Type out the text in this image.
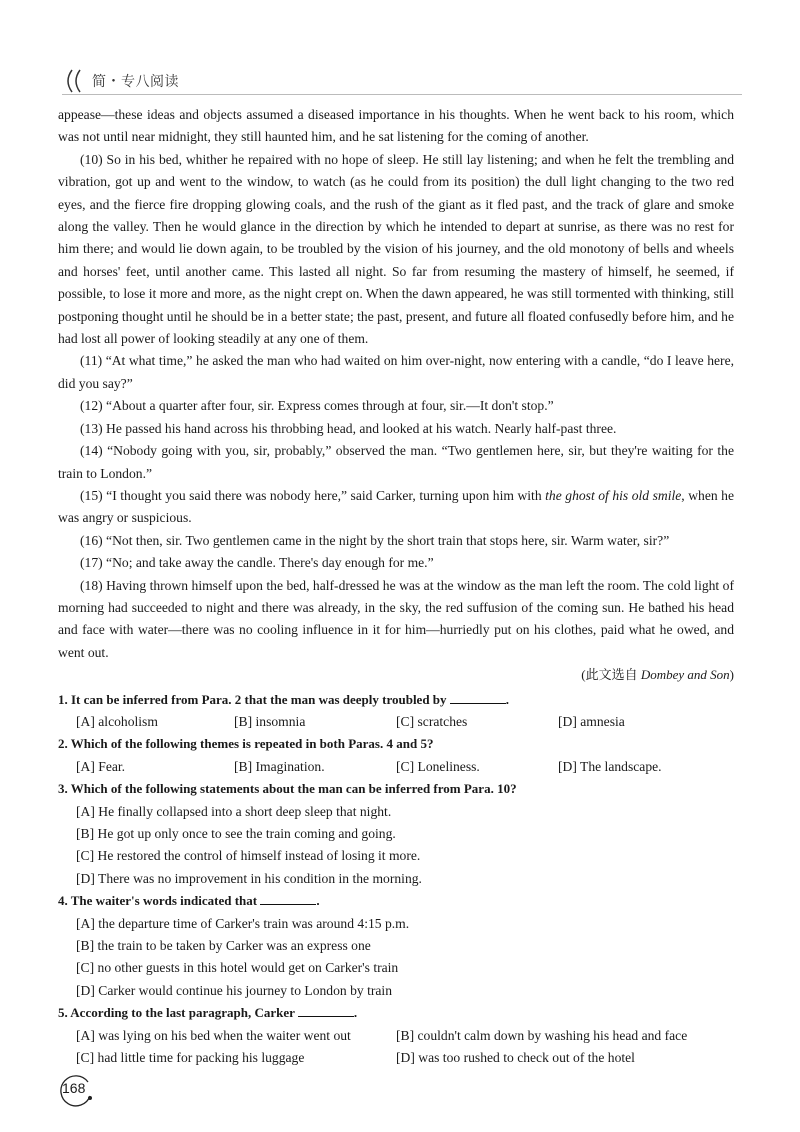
简・专八阅读

appease—these ideas and objects assumed a diseased importance in his thoughts. When he went back to his room, which was not until near midnight, they still haunted him, and he sat listening for the coming of another.

(10) So in his bed, whither he repaired with no hope of sleep. He still lay listening; and when he felt the trembling and vibration, got up and went to the window, to watch (as he could from its position) the dull light changing to the two red eyes, and the fierce fire dropping glowing coals, and the rush of the giant as it fled past, and the track of glare and smoke along the valley. Then he would glance in the direction by which he intended to depart at sunrise, as there was no rest for him there; and would lie down again, to be troubled by the vision of his journey, and the old monotony of bells and wheels and horses' feet, until another came. This lasted all night. So far from resuming the mastery of himself, he seemed, if possible, to lose it more and more, as the night crept on. When the dawn appeared, he was still tormented with thinking, still postponing thought until he should be in a better state; the past, present, and future all floated confusedly before him, and he had lost all power of looking steadily at any one of them.

(11) “At what time,” he asked the man who had waited on him over-night, now entering with a candle, “do I leave here, did you say?”

(12) “About a quarter after four, sir. Express comes through at four, sir.—It don't stop.”

(13) He passed his hand across his throbbing head, and looked at his watch. Nearly half-past three.

(14) “Nobody going with you, sir, probably,” observed the man. “Two gentlemen here, sir, but they're waiting for the train to London.”

(15) “I thought you said there was nobody here,” said Carker, turning upon him with the ghost of his old smile, when he was angry or suspicious.

(16) “Not then, sir. Two gentlemen came in the night by the short train that stops here, sir. Warm water, sir?”

(17) “No; and take away the candle. There's day enough for me.”

(18) Having thrown himself upon the bed, half-dressed he was at the window as the man left the room. The cold light of morning had succeeded to night and there was already, in the sky, the red suffusion of the coming sun. He bathed his head and face with water—there was no cooling influence in it for him—hurriedly put on his clothes, paid what he owed, and went out.

(此文选自 Dombey and Son)
1. It can be inferred from Para. 2 that the man was deeply troubled by	.
[A] alcoholism	[B] insomnia	[C] scratches	[D] amnesia
2. Which of the following themes is repeated in both Paras. 4 and 5?
[A] Fear.	[B] Imagination.	[C] Loneliness.	[D] The landscape.
3. Which of the following statements about the man can be inferred from Para. 10?
[A] He finally collapsed into a short deep sleep that night.
[B] He got up only once to see the train coming and going.
[C] He restored the control of himself instead of losing it more.
[D] There was no improvement in his condition in the morning.
4. The waiter's words indicated that	.
[A] the departure time of Carker's train was around 4:15 p.m.
[B] the train to be taken by Carker was an express one
[C] no other guests in this hotel would get on Carker's train
[D] Carker would continue his journey to London by train
5. According to the last paragraph, Carker	.
[A] was lying on his bed when the waiter went out	[B] couldn't calm down by washing his head and face
[C] had little time for packing his luggage	[D] was too rushed to check out of the hotel
168
